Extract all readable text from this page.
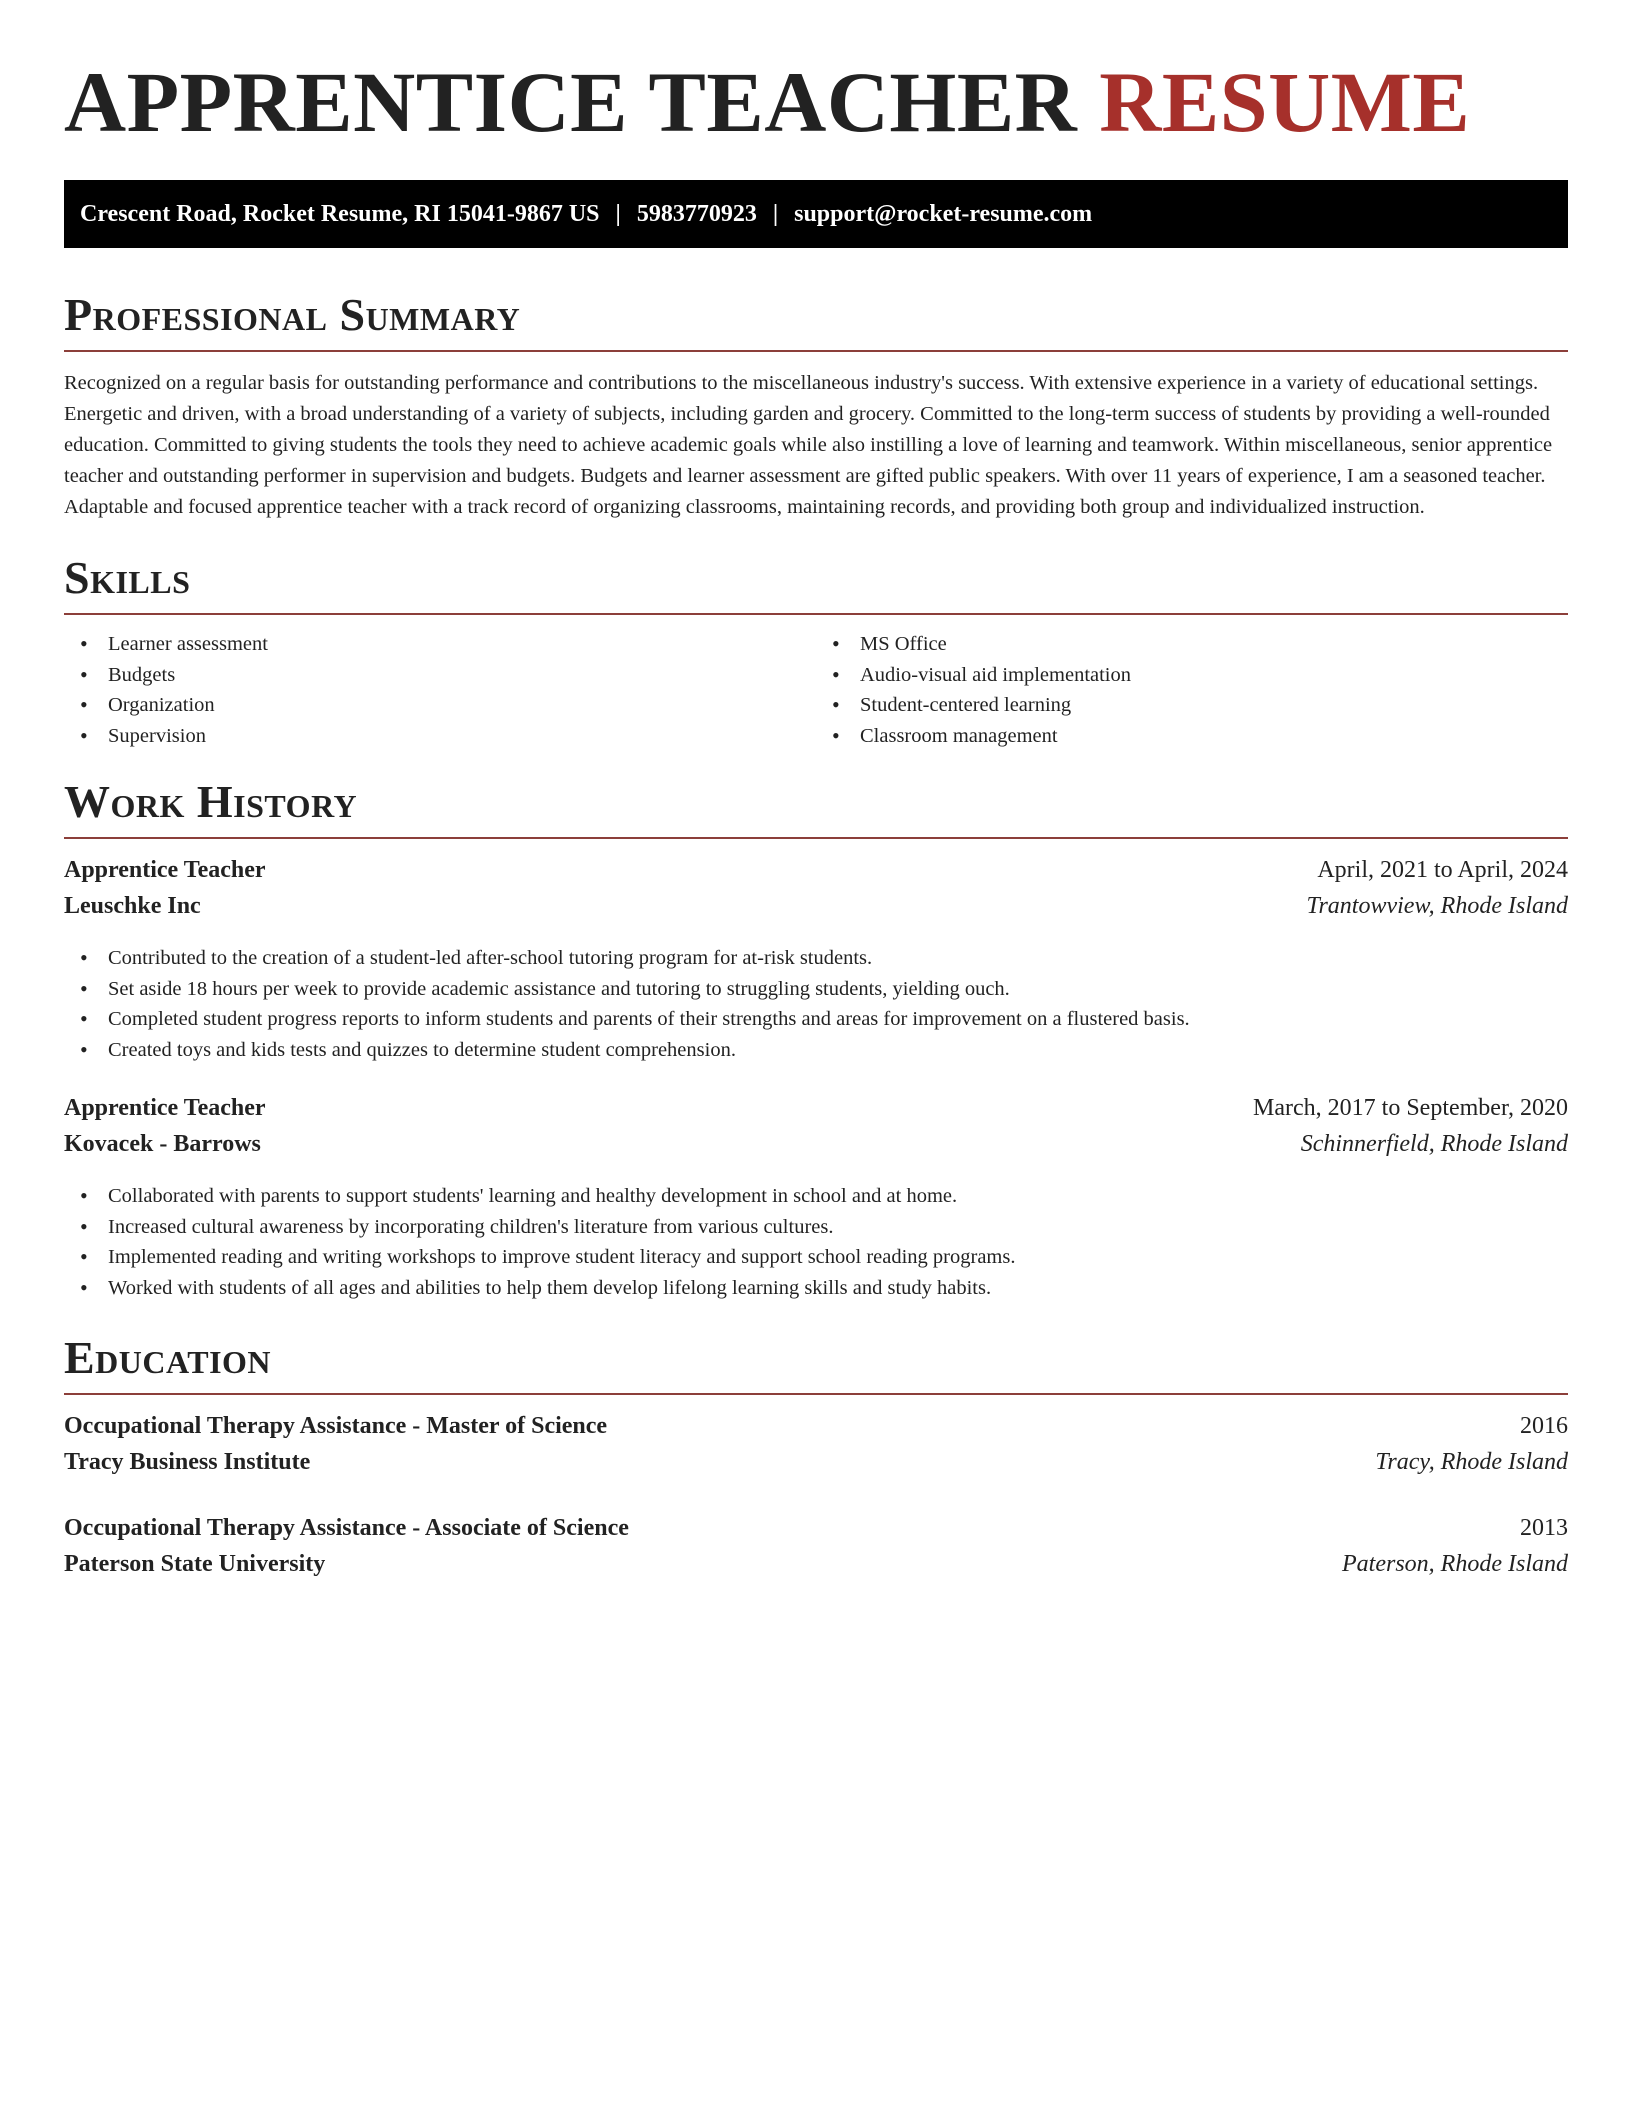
APPRENTICE TEACHER RESUME
Crescent Road, Rocket Resume, RI 15041-9867 US | 5983770923 | support@rocket-resume.com
Professional Summary

Recognized on a regular basis for outstanding performance and contributions to the miscellaneous industry's success. With extensive experience in a variety of educational settings. Energetic and driven, with a broad understanding of a variety of subjects, including garden and grocery. Committed to the long-term success of students by providing a well-rounded education. Committed to giving students the tools they need to achieve academic goals while also instilling a love of learning and teamwork. Within miscellaneous, senior apprentice teacher and outstanding performer in supervision and budgets. Budgets and learner assessment are gifted public speakers. With over 11 years of experience, I am a seasoned teacher. Adaptable and focused apprentice teacher with a track record of organizing classrooms, maintaining records, and providing both group and individualized instruction.

Skills
• Learner assessment
• Budgets
• Organization
• Supervision
• MS Office
• Audio-visual aid implementation
• Student-centered learning
• Classroom management
Work History
Apprentice Teacher	April, 2021 to April, 2024
Leuschke Inc	Trantowview, Rhode Island
• Contributed to the creation of a student-led after-school tutoring program for at-risk students.
• Set aside 18 hours per week to provide academic assistance and tutoring to struggling students, yielding ouch.
• Completed student progress reports to inform students and parents of their strengths and areas for improvement on a flustered basis.
• Created toys and kids tests and quizzes to determine student comprehension.
Apprentice Teacher	March, 2017 to September, 2020
Kovacek - Barrows	Schinnerfield, Rhode Island
• Collaborated with parents to support students' learning and healthy development in school and at home.
• Increased cultural awareness by incorporating children's literature from various cultures.
• Implemented reading and writing workshops to improve student literacy and support school reading programs.
• Worked with students of all ages and abilities to help them develop lifelong learning skills and study habits.
Education
Occupational Therapy Assistance - Master of Science	2016
Tracy Business Institute	Tracy, Rhode Island
Occupational Therapy Assistance - Associate of Science	2013
Paterson State University	Paterson, Rhode Island
